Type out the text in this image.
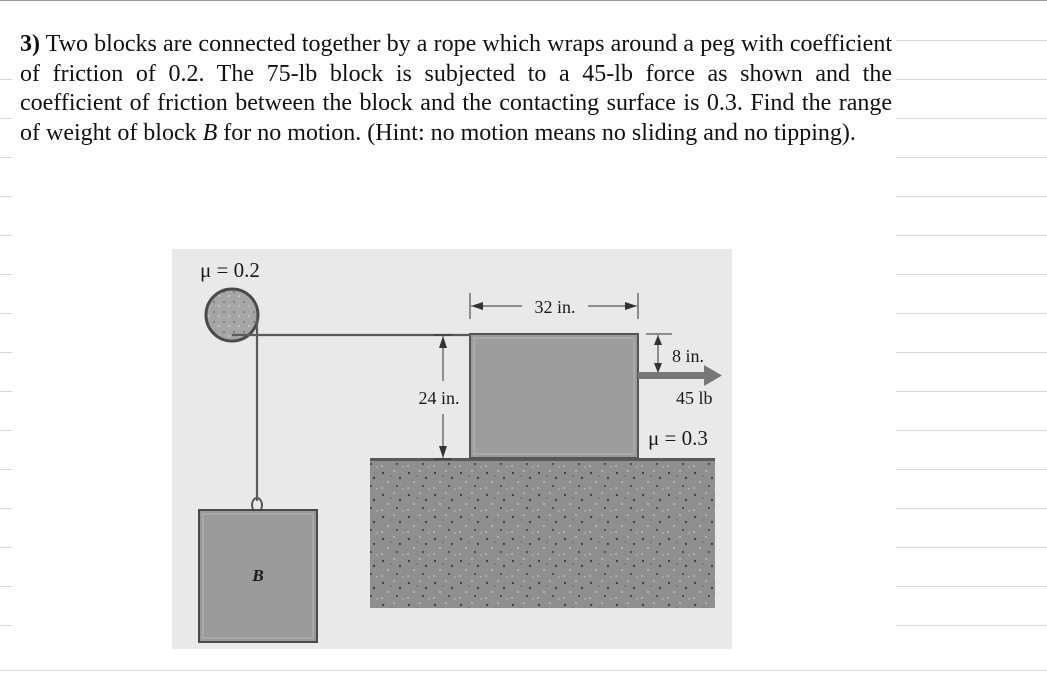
3) Two blocks are connected together by a rope which wraps around a peg with coefficient of friction of 0.2. The 75-lb block is subjected to a 45-lb force as shown and the coefficient of friction between the block and the contacting surface is 0.3. Find the range of weight of block B for no motion. (Hint: no motion means no sliding and no tipping).

B
μ = 0.2
32 in.
24 in.
8 in.
45 lb
μ = 0.3
